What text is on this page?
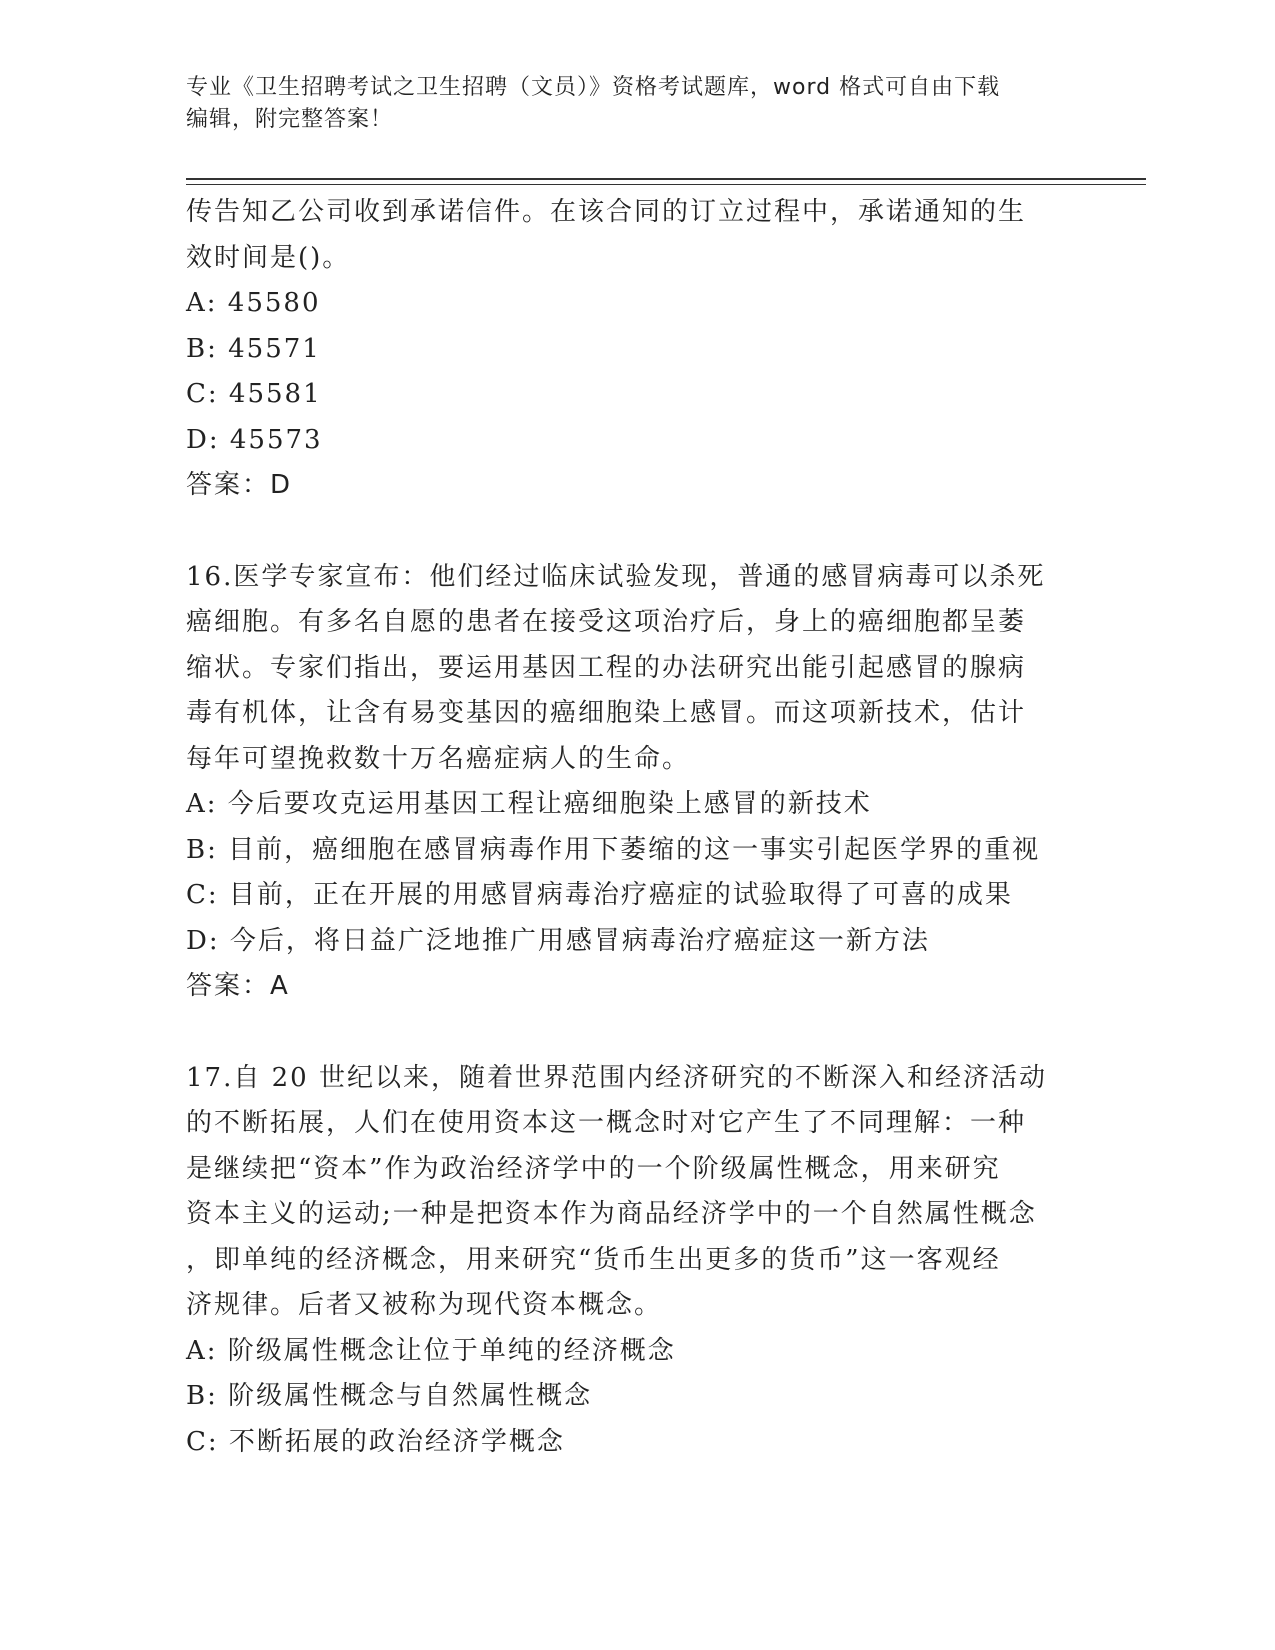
专业《卫生招聘考试之卫生招聘（文员）》资格考试题库，word 格式可自由下载
编辑，附完整答案！

传告知乙公司收到承诺信件。在该合同的订立过程中，承诺通知的生

效时间是()。

A: 45580

B: 45571

C: 45581

D: 45573

答案：D

16.医学专家宣布：他们经过临床试验发现，普通的感冒病毒可以杀死

癌细胞。有多名自愿的患者在接受这项治疗后，身上的癌细胞都呈萎

缩状。专家们指出，要运用基因工程的办法研究出能引起感冒的腺病

毒有机体，让含有易变基因的癌细胞染上感冒。而这项新技术，估计

每年可望挽救数十万名癌症病人的生命。

A: 今后要攻克运用基因工程让癌细胞染上感冒的新技术

B: 目前，癌细胞在感冒病毒作用下萎缩的这一事实引起医学界的重视

C: 目前，正在开展的用感冒病毒治疗癌症的试验取得了可喜的成果

D: 今后，将日益广泛地推广用感冒病毒治疗癌症这一新方法

答案：A

17.自 20 世纪以来，随着世界范围内经济研究的不断深入和经济活动

的不断拓展，人们在使用资本这一概念时对它产生了不同理解：一种

是继续把“资本”作为政治经济学中的一个阶级属性概念，用来研究

资本主义的运动;一种是把资本作为商品经济学中的一个自然属性概念

，即单纯的经济概念，用来研究“货币生出更多的货币”这一客观经

济规律。后者又被称为现代资本概念。

A: 阶级属性概念让位于单纯的经济概念

B: 阶级属性概念与自然属性概念

C: 不断拓展的政治经济学概念
